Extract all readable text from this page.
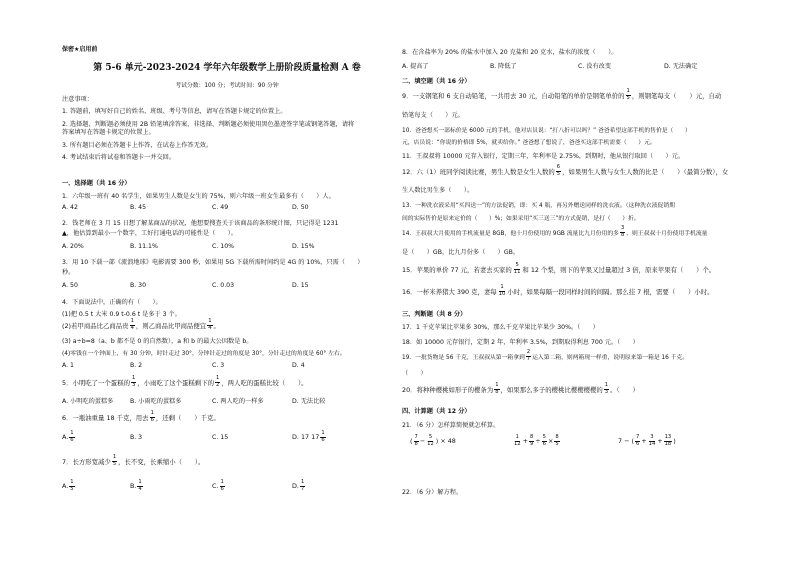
保密★启用前
第 5-6 单元-2023-2024 学年六年级数学上册阶段质量检测 A 卷
考试分数：100 分；考试时间：90 分钟

注意事项：

1. 答题前，填写好自己的姓名、班级、考号等信息，请写在答题卡规定的位置上。

2. 选择题、判断题必须使用 2B 铅笔填涂答案，非选择、判断题必须使用黑色墨迹签字笔或钢笔答题，请将

答案填写在答题卡规定的位置上。

3. 所有题目必须在答题卡上作答，在试卷上作答无效。

4. 考试结束后将试卷和答题卡一并交回。

一、选择题（共 16 分）
1．六年级一班有 40 名学生，如果男生人数是女生的 75%，则六年级一班女生最多有（　　）人。
A. 42	B. 45	C. 49	D. 50
2．钱老师在 3 月 15 日想了解某商品的状况，他想要搜查关于该商品的条形统计图，只记得是 1231
▲，他估算到最小一个数字，工好打通电话的可能性是（　　）。
A. 20%	B. 11.1%	C. 10%	D. 15%
3．用 10 下载一部《流浪地球》电影需要 300 秒，如果用 5G 下载所需时间约是 4G 的 10%，只需（　　）
秒。
A. 50	B. 30	C. 0.03	D. 15
4．下面说法中，正确的有（　　）。
(1)把 0.5 t 大米 0.9 t-0.6 t 是多于 3 个。
(2)若甲商品比乙商品贵 $\frac{1}{4}$ ，则乙商品比甲商品便宜 $\frac{1}{4}$ 。
(3) a÷b=8（a、b 都不是 0 的自然数），a 和 b 的最大公因数是 b。
(4)零钱在一个钟面上，有 30 分钟，时针走过 30°，分钟针走过的角度是 30°，分针走过的角度是 60° 左右。
A. 1	B. 2	C. 3	D. 4
5．小明吃了一个蛋糕的 $\frac{1}{3}$ ，小雨吃了这个蛋糕剩下的 $\frac{1}{2}$ ，两人吃的蛋糕比较（　　）。
A. 小明吃的蛋糕多	B. 小雨吃的蛋糕多	C. 两人吃的一样多	D. 无法比较
6．一瓶油重量 18 千克，用去 $\frac{1}{6}$ ，还剩（　　）千克。
A. $\frac{1}{6}$	B. 3	C. 15	D. 17
$17 \frac{1}{6}$
7．长方形宽减少 $\frac{1}{5}$ ，长不变，长乘缩小（　　）。
A. $\frac{1}{5}$	B. $\frac{1}{4}$	C. $\frac{1}{6}$	D. $\frac{1}{7}$
8．在含盐率为 20% 的盐水中加入 20 克盐和 20 克水，盐水的浓度（　　）。
A. 提高了	B. 降低了	C. 没有改变	D. 无法确定
二、填空题（共 16 分）
9．一支钢笔和 6 支自动铅笔，一共用去 30 元，自动铅笔的单价是钢笔单价的 $\frac{1}{5}$ ，则钢笔每支（　　）元，自动
铅笔每支（　　）元。
10．爸爸想买一部标价是 6000 元的手机，他对店员说：“打八折可以吗？” 爸爸希望这部手机的售价是（　　）
元，店员说：“你说的价格即 5%，就卖给你。” 爸爸想了想说了，爸爸买这部手机需要（　　）元。
11．王叔叔将 10000 元存入银行，定期三年，年利率是 2.75%，到期时，他从银行取回（　　）元。
12．六（1）班同学阅读比赛，男生人数是女生人数的 $\frac{6}{5}$ ，如果男生人数与女生人数的比是（　　）（最简分数），女
生人数比男生多（　　）。
13．一种洗衣液采用“买四送一”的方法促销，即：买 4 瓶，再另外赠送同样的洗衣液。（这种洗衣液促销期
间的实际售价是原来定价的（　　）%；如果采用“买三送三”的方式促销，是打（　　）折。
14．王叔叔大月使用的手机流量是 8GB，他十月份使用的 9GB 流量比九月份用的多 $\frac{3}{8}$ ，则王叔叔十月份使用手机流量
是（　　）GB，比九月份多（　　）GB。
15．苹果的单价 77 元，若妻去买家的 $\frac{5}{11}$ 和 12 个梨，则下的苹果又过量超过 3 倍，原来苹果有（　　）个。
16．一杯米养猪大 390 克，妻每 $\frac{1}{10}$ 小时，如果每隔一段同样时间的间隔。那么挂 7 根，需要（　　）小时。
三、判断题（共 8 分）
17．1 千克苹果比苹果多 30%，那么千克苹果比苹果少 30%。（　　）
18．如 10000 元存银行，定期 2 年，年利率 3.5%，到期取得利息 700 元。（　　）
19．一批货物是 56 千克，王叔叔从第一箱拿到 $\frac{2}{7}$ 运入第二箱，则两箱现一样重，说明原来第一箱是 16 千克。
（　　）
20．将种种樱桃如形子的樱条为 $\frac{1}{8}$ ，如果那么多子的樱桃比樱樱樱樱的 $\frac{1}{3}$ 。（　　）
四、计算题（共 12 分）
21．（6 分）怎样算简便就怎样算。
( $\frac{7}{8} - \frac{5}{12}$ ) × 48	$\frac{1}{12} + \frac{8}{9} \div \frac{5}{6} \times \frac{8}{5}$	7 − ( $\frac{7}{6} + \frac{3}{14} + \frac{13}{18}$ )
22．（6 分）解方程。
